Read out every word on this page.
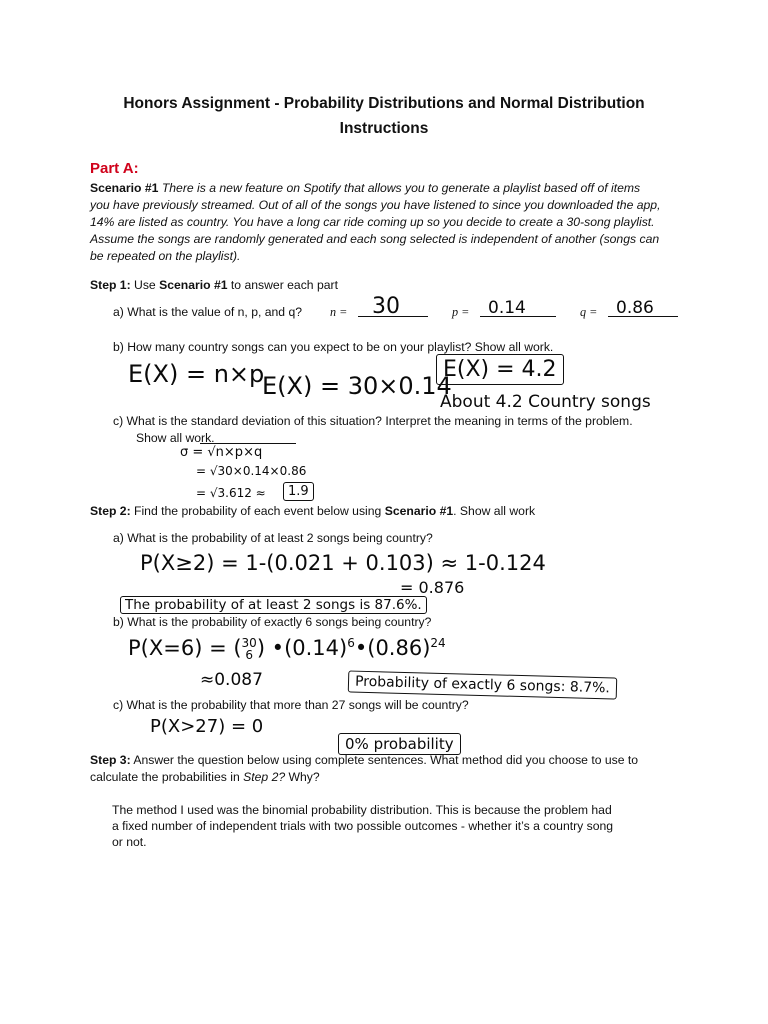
Honors Assignment - Probability Distributions and Normal Distribution
Instructions
Part A:
Scenario #1 There is a new feature on Spotify that allows you to generate a playlist based off of items
you have previously streamed. Out of all of the songs you have listened to since you downloaded the app,
14% are listed as country. You have a long car ride coming up so you decide to create a 30-song playlist.
Assume the songs are randomly generated and each song selected is independent of another (songs can
be repeated on the playlist).
Step 1: Use Scenario #1 to answer each part
a) What is the value of n, p, and q? n = 30	p = 0.14	q = 0.86
b) How many country songs can you expect to be on your playlist? Show all work.
E(X) = n×p
E(X) = 30×0.14
E(X) = 4.2
About 4.2 Country songs
c) What is the standard deviation of this situation? Interpret the meaning in terms of the problem.
Show all work.
σ = √n×p×q
= √30×0.14×0.86
= √3.612 ≈	1.9
Step 2: Find the probability of each event below using Scenario #1. Show all work
a) What is the probability of at least 2 songs being country?
P(X≥2) = 1-(0.021 + 0.103) ≈ 1-0.124
= 0.876
The probability of at least 2 songs is 87.6%.
b) What is the probability of exactly 6 songs being country?
P(X=6) = (30
6 ) $•(0.14)^6•(0.86)^{24}$
≈0.087	Probability of exactly 6 songs: 8.7%.
c) What is the probability that more than 27 songs will be country?
P(X>27) = 0
0% probability
Step 3: Answer the question below using complete sentences. What method did you choose to use to
calculate the probabilities in Step 2? Why?
The method I used was the binomial probability distribution. This is because the problem had
a fixed number of independent trials with two possible outcomes - whether it’s a country song
or not.
